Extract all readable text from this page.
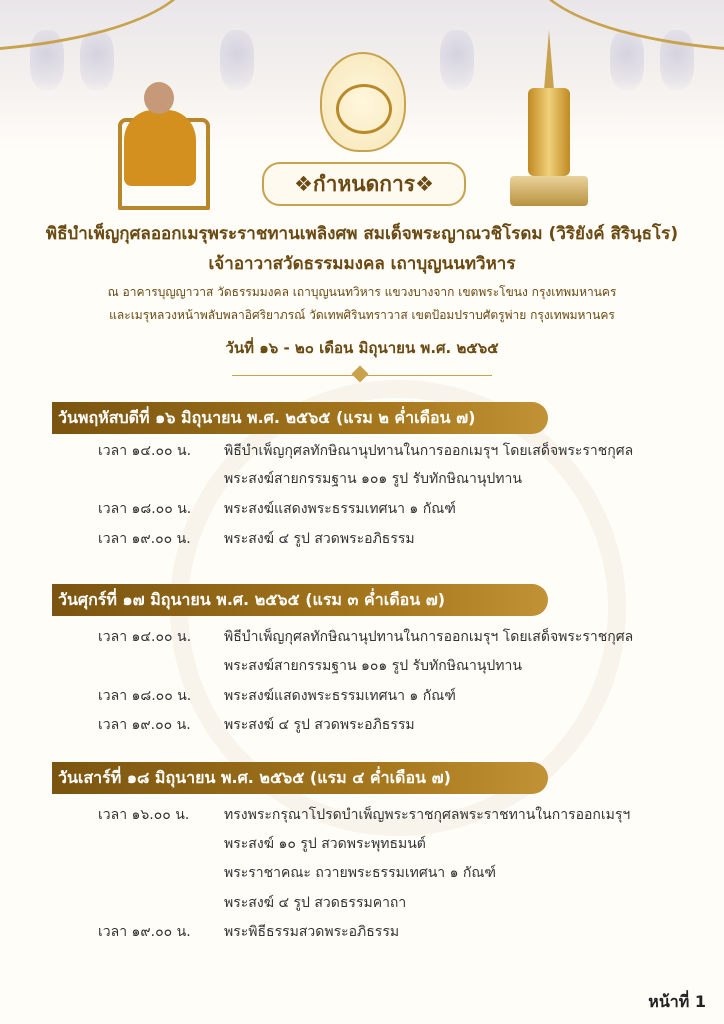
❖กำหนดการ❖
พิธีบำเพ็ญกุศลออกเมรุพระราชทานเพลิงศพ สมเด็จพระญาณวชิโรดม (วิริยังค์ สิรินฺธโร)
เจ้าอาวาสวัดธรรมมงคล เถาบุญนนทวิหาร
ณ อาคารบุญญาวาส วัดธรรมมงคล เถาบุญนนทวิหาร แขวงบางจาก เขตพระโขนง กรุงเทพมหานคร
และเมรุหลวงหน้าพลับพลาอิศริยาภรณ์ วัดเทพศิรินทราวาส เขตป้อมปราบศัตรูพ่าย กรุงเทพมหานคร
วันที่ ๑๖ - ๒๐ เดือน มิถุนายน พ.ศ. ๒๕๖๕
วันพฤหัสบดีที่ ๑๖ มิถุนายน พ.ศ. ๒๕๖๕ (แรม ๒ ค่ำเดือน ๗)
เวลา ๑๔.๐๐ น. พิธีบำเพ็ญกุศลทักษิณานุปทานในการออกเมรุฯ โดยเสด็จพระราชกุศล
พระสงฆ์สายกรรมฐาน ๑๐๑ รูป รับทักษิณานุปทาน
เวลา ๑๘.๐๐ น. พระสงฆ์แสดงพระธรรมเทศนา ๑ กัณฑ์
เวลา ๑๙.๐๐ น. พระสงฆ์ ๔ รูป สวดพระอภิธรรม
วันศุกร์ที่ ๑๗ มิถุนายน พ.ศ. ๒๕๖๕ (แรม ๓ ค่ำเดือน ๗)
เวลา ๑๔.๐๐ น. พิธีบำเพ็ญกุศลทักษิณานุปทานในการออกเมรุฯ โดยเสด็จพระราชกุศล
พระสงฆ์สายกรรมฐาน ๑๐๑ รูป รับทักษิณานุปทาน
เวลา ๑๘.๐๐ น. พระสงฆ์แสดงพระธรรมเทศนา ๑ กัณฑ์
เวลา ๑๙.๐๐ น. พระสงฆ์ ๔ รูป สวดพระอภิธรรม
วันเสาร์ที่ ๑๘ มิถุนายน พ.ศ. ๒๕๖๕ (แรม ๔ ค่ำเดือน ๗)
เวลา ๑๖.๐๐ น. ทรงพระกรุณาโปรดบำเพ็ญพระราชกุศลพระราชทานในการออกเมรุฯ
พระสงฆ์ ๑๐ รูป สวดพระพุทธมนต์
พระราชาคณะ ถวายพระธรรมเทศนา ๑ กัณฑ์
พระสงฆ์ ๔ รูป สวดธรรมคาถา
เวลา ๑๙.๐๐ น. พระพิธีธรรมสวดพระอภิธรรม
หน้าที่ 1
